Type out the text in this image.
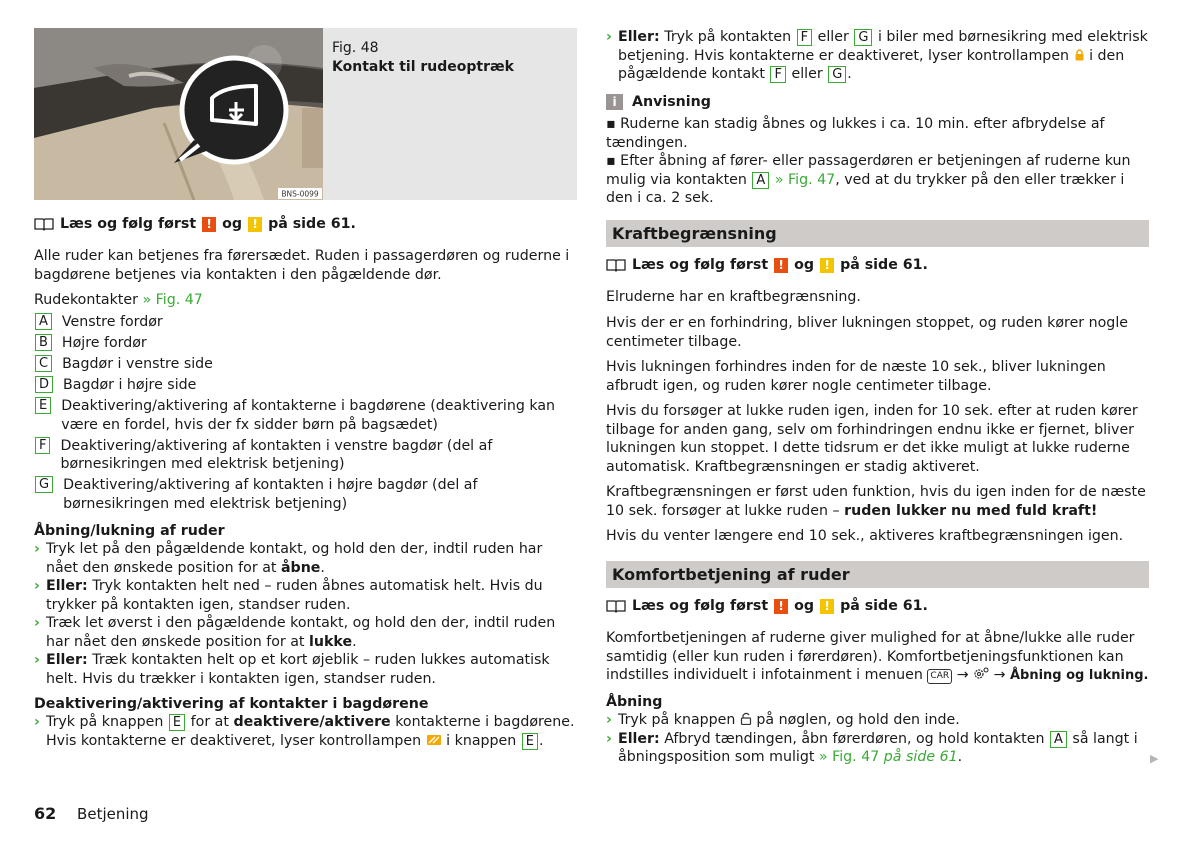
BNS-0099
Fig. 48
Kontakt til rudeoptræk
Læs og følg først ! og ! på side 61.

Alle ruder kan betjenes fra førersædet. Ruden i passagerdøren og ruderne i bagdørene betjenes via kontakten i den pågældende dør.

Rudekontakter » Fig. 47
A Venstre fordør
B Højre fordør
C Bagdør i venstre side
D Bagdør i højre side
E Deaktivering/aktivering af kontakterne i bagdørene (deaktivering kan være en fordel, hvis der fx sidder børn på bagsædet)
F Deaktivering/aktivering af kontakten i venstre bagdør (del af børnesikringen med elektrisk betjening)
G Deaktivering/aktivering af kontakten i højre bagdør (del af børnesikringen med elektrisk betjening)
Åbning/lukning af ruder
› Tryk let på den pågældende kontakt, og hold den der, indtil ruden har nået den ønskede position for at åbne.
› Eller: Tryk kontakten helt ned – ruden åbnes automatisk helt. Hvis du trykker på kontakten igen, standser ruden.
› Træk let øverst i den pågældende kontakt, og hold den der, indtil ruden har nået den ønskede position for at lukke.
› Eller: Træk kontakten helt op et kort øjeblik – ruden lukkes automatisk helt. Hvis du trækker i kontakten igen, standser ruden.
Deaktivering/aktivering af kontakter i bagdørene
› Tryk på knappen E for at deaktivere/aktivere kontakterne i bagdørene. Hvis kontakterne er deaktiveret, lyser kontrollampen i knappen E .
› Eller: Tryk på kontakten F eller G i biler med børnesikring med elektrisk betjening. Hvis kontakterne er deaktiveret, lyser kontrollampen i den pågældende kontakt F eller G .
i	Anvisning

▪ Ruderne kan stadig åbnes og lukkes i ca. 10 min. efter afbrydelse af tændingen.

▪ Efter åbning af fører- eller passagerdøren er betjeningen af ruderne kun mulig via kontakten A » Fig. 47, ved at du trykker på den eller trækker i den i ca. 2 sek.

Kraftbegrænsning
Læs og følg først ! og ! på side 61.

Elruderne har en kraftbegrænsning.

Hvis der er en forhindring, bliver lukningen stoppet, og ruden kører nogle centimeter tilbage.

Hvis lukningen forhindres inden for de næste 10 sek., bliver lukningen afbrudt igen, og ruden kører nogle centimeter tilbage.

Hvis du forsøger at lukke ruden igen, inden for 10 sek. efter at ruden kører tilbage for anden gang, selv om forhindringen endnu ikke er fjernet, bliver lukningen kun stoppet. I dette tidsrum er det ikke muligt at lukke ruderne automatisk. Kraftbegrænsningen er stadig aktiveret.

Kraftbegrænsningen er først uden funktion, hvis du igen inden for de næste 10 sek. forsøger at lukke ruden – ruden lukker nu med fuld kraft!

Hvis du venter længere end 10 sek., aktiveres kraftbegrænsningen igen.

Komfortbetjening af ruder
Læs og følg først ! og ! på side 61.

Komfortbetjeningen af ruderne giver mulighed for at åbne/lukke alle ruder samtidig (eller kun ruden i førerdøren). Komfortbetjeningsfunktionen kan indstilles individuelt i infotainment i menuen CAR →  → Åbning og lukning.

Åbning
› Tryk på knappen på nøglen, og hold den inde.
› Eller: Afbryd tændingen, åbn førerdøren, og hold kontakten A så langt i åbningsposition som muligt » Fig. 47 på side 61.	▶
62 Betjening
